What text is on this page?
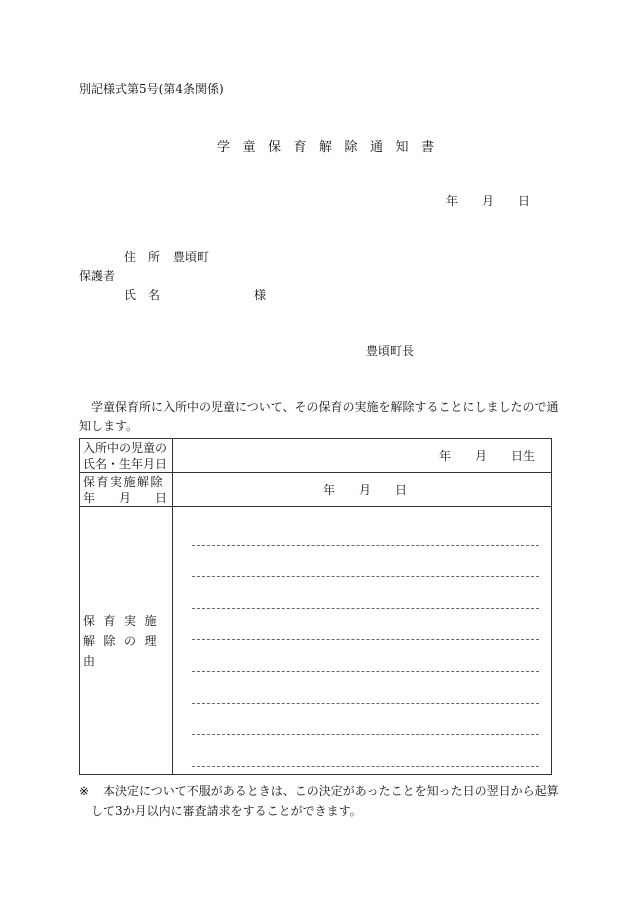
別記様式第5号(第4条関係)
学童保育解除通知書
年　　月　　日
住　所 豊頃町
保護者
氏　名	様
豊頃町長
学童保育所に入所中の児童について、その保育の実施を解除することにしましたので通
知します。
入所中の児童の
氏名・生年月日	年　　月　　日生

保育実施解除
年　　月　　日	年　　月　　日

保育実施
解除の理由	

※ 本決定について不服があるときは、この決定があったことを知った日の翌日から起算
して3か月以内に審査請求をすることができます。
